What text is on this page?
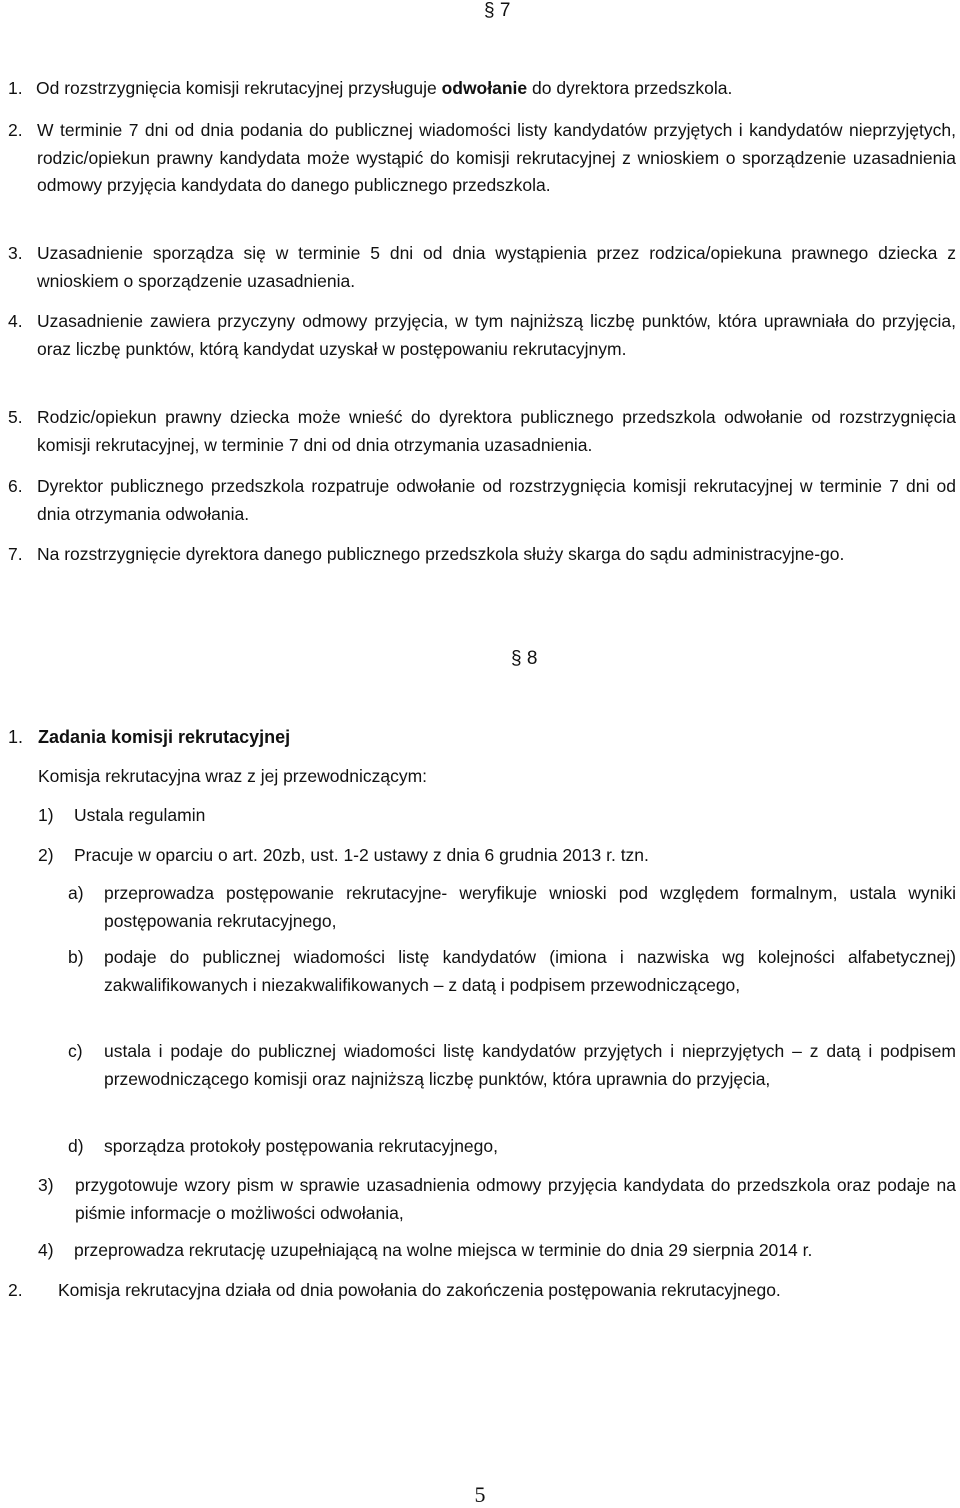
§ 7
1. Od rozstrzygnięcia komisji rekrutacyjnej przysługuje odwołanie do dyrektora przedszkola.
2. W terminie 7 dni od dnia podania do publicznej wiadomości listy kandydatów przyjętych i kandydatów nieprzyjętych, rodzic/opiekun prawny kandydata może wystąpić do komisji rekrutacyjnej z wnioskiem o sporządzenie uzasadnienia odmowy przyjęcia kandydata do danego publicznego przedszkola.
3. Uzasadnienie sporządza się w terminie 5 dni od dnia wystąpienia przez rodzica/opiekuna prawnego dziecka z wnioskiem o sporządzenie uzasadnienia.
4. Uzasadnienie zawiera przyczyny odmowy przyjęcia, w tym najniższą liczbę punktów, która uprawniała do przyjęcia, oraz liczbę punktów, którą kandydat uzyskał w postępowaniu rekrutacyjnym.
5. Rodzic/opiekun prawny dziecka może wnieść do dyrektora publicznego przedszkola odwołanie od rozstrzygnięcia komisji rekrutacyjnej, w terminie 7 dni od dnia otrzymania uzasadnienia.
6. Dyrektor publicznego przedszkola rozpatruje odwołanie od rozstrzygnięcia komisji rekrutacyjnej w terminie 7 dni od dnia otrzymania odwołania.
7. Na rozstrzygnięcie dyrektora danego publicznego przedszkola służy skarga do sądu administracyjne-go.
§ 8
1. Zadania komisji rekrutacyjnej
Komisja rekrutacyjna wraz z jej przewodniczącym:
1) Ustala regulamin
2) Pracuje w oparciu o art. 20zb, ust. 1-2 ustawy z dnia 6 grudnia 2013 r. tzn.
a) przeprowadza postępowanie rekrutacyjne- weryfikuje wnioski pod względem formalnym, ustala wyniki postępowania rekrutacyjnego,
b) podaje do publicznej wiadomości listę kandydatów (imiona i nazwiska wg kolejności alfabetycznej) zakwalifikowanych i niezakwalifikowanych – z datą i podpisem przewodniczącego,
c) ustala i podaje do publicznej wiadomości listę kandydatów przyjętych i nieprzyjętych – z datą i podpisem przewodniczącego komisji oraz najniższą liczbę punktów, która uprawnia do przyjęcia,
d) sporządza protokoły postępowania rekrutacyjnego,
3) przygotowuje wzory pism w sprawie uzasadnienia odmowy przyjęcia kandydata do przedszkola oraz podaje na piśmie informacje o możliwości odwołania,
4) przeprowadza rekrutację uzupełniającą na wolne miejsca w terminie do dnia 29 sierpnia 2014 r.
2. Komisja rekrutacyjna działa od dnia powołania do zakończenia postępowania rekrutacyjnego.
5
